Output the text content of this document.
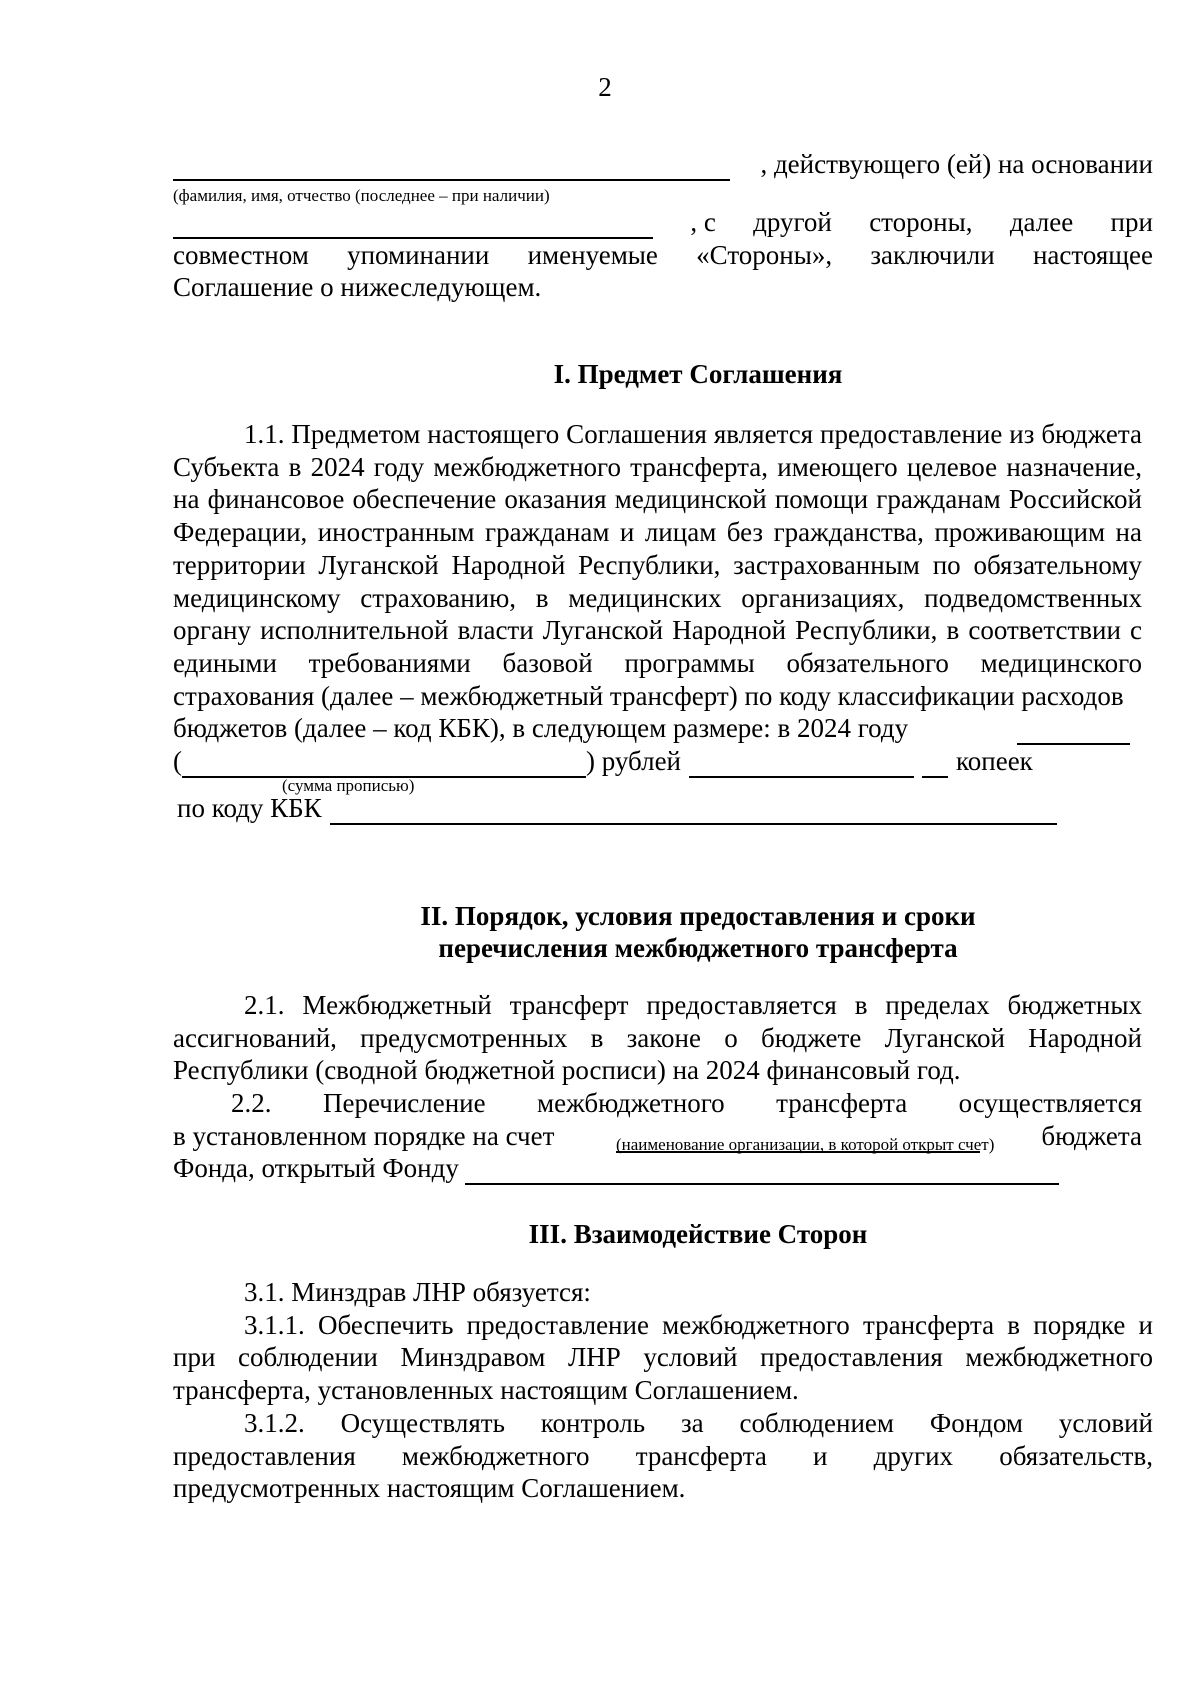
2
, действующего (ей) на основании
(фамилия, имя, отчество (последнее – при наличии)
, с другой стороны, далее при

совместном упоминании именуемые «Стороны», заключили настоящее

Соглашение о нижеследующем.

I. Предмет Соглашения

1.1. Предметом настоящего Соглашения является предоставление из бюджета Субъекта в 2024 году межбюджетного трансферта, имеющего целевое назначение, на финансовое обеспечение оказания медицинской помощи гражданам Российской Федерации, иностранным гражданам и лицам без гражданства, проживающим на территории Луганской Народной Республики, застрахованным по обязательному медицинскому страхованию, в медицинских организациях, подведомственных органу исполнительной власти Луганской Народной Республики, в соответствии с едиными требованиями базовой программы обязательного медицинского страхования (далее – межбюджетный трансферт) по коду классификации расходов

бюджетов (далее – код КБК), в следующем размере: в 2024 году
(	) рублей	копеек
(сумма прописью)
по коду КБК
II. Порядок, условия предоставления и сроки
перечисления межбюджетного трансферта

2.1. Межбюджетный трансферт предоставляется в пределах бюджетных ассигнований, предусмотренных в законе о бюджете Луганской Народной Республики (сводной бюджетной росписи) на 2024 финансовый год.

2.2. Перечисление межбюджетного трансферта осуществляется

в установленном порядке на счет	бюджета
Фонда, открытый Фонду
(наименование организации, в которой открыт счет)
III. Взаимодействие Сторон

3.1. Минздрав ЛНР обязуется:

3.1.1. Обеспечить предоставление межбюджетного трансферта в порядке и при соблюдении Минздравом ЛНР условий предоставления межбюджетного трансферта, установленных настоящим Соглашением.

3.1.2. Осуществлять контроль за соблюдением Фондом условий предоставления межбюджетного трансферта и других обязательств, предусмотренных настоящим Соглашением.
